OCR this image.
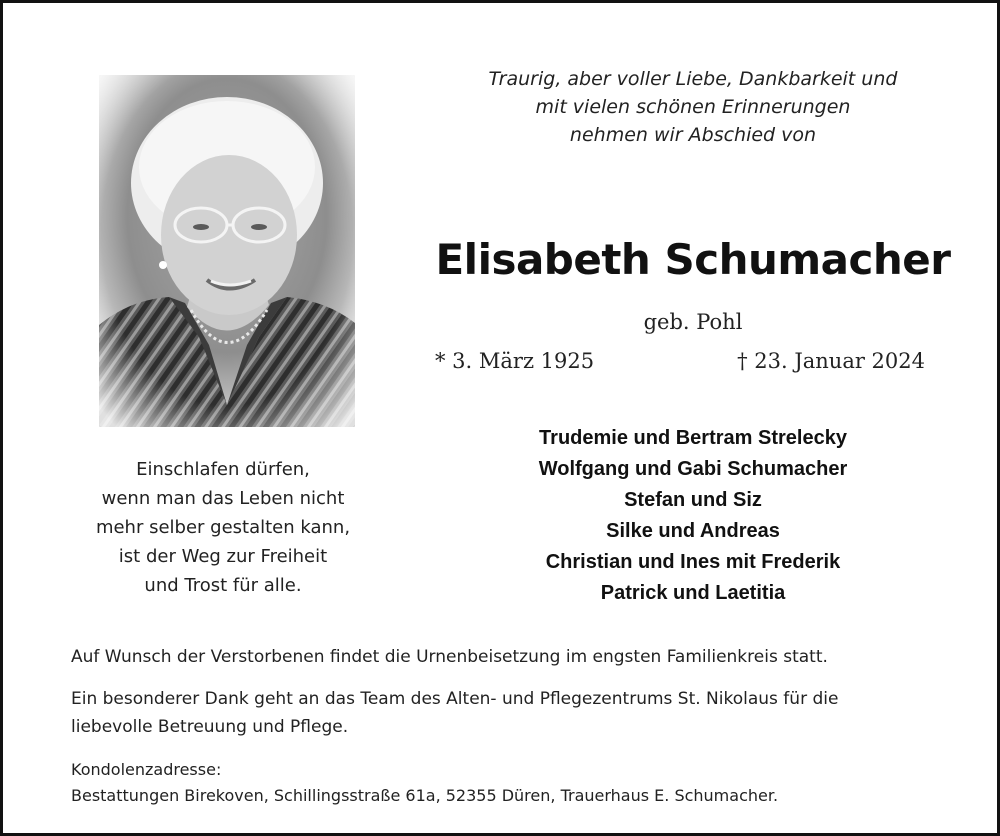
Traurig, aber voller Liebe, Dankbarkeit und
mit vielen schönen Erinnerungen
nehmen wir Abschied von
Elisabeth Schumacher
geb. Pohl
* 3. März 1925	† 23. Januar 2024
Trudemie und Bertram Strelecky
Wolfgang und Gabi Schumacher
Stefan und Siz
Silke und Andreas
Christian und Ines mit Frederik
Patrick und Laetitia
Einschlafen dürfen,
wenn man das Leben nicht
mehr selber gestalten kann,
ist der Weg zur Freiheit
und Trost für alle.
Auf Wunsch der Verstorbenen findet die Urnenbeisetzung im engsten Familienkreis statt.
Ein besonderer Dank geht an das Team des Alten- und Pflegezentrums St. Nikolaus für die
liebevolle Betreuung und Pflege.
Kondolenzadresse:
Bestattungen Birekoven, Schillingsstraße 61a, 52355 Düren, Trauerhaus E. Schumacher.
